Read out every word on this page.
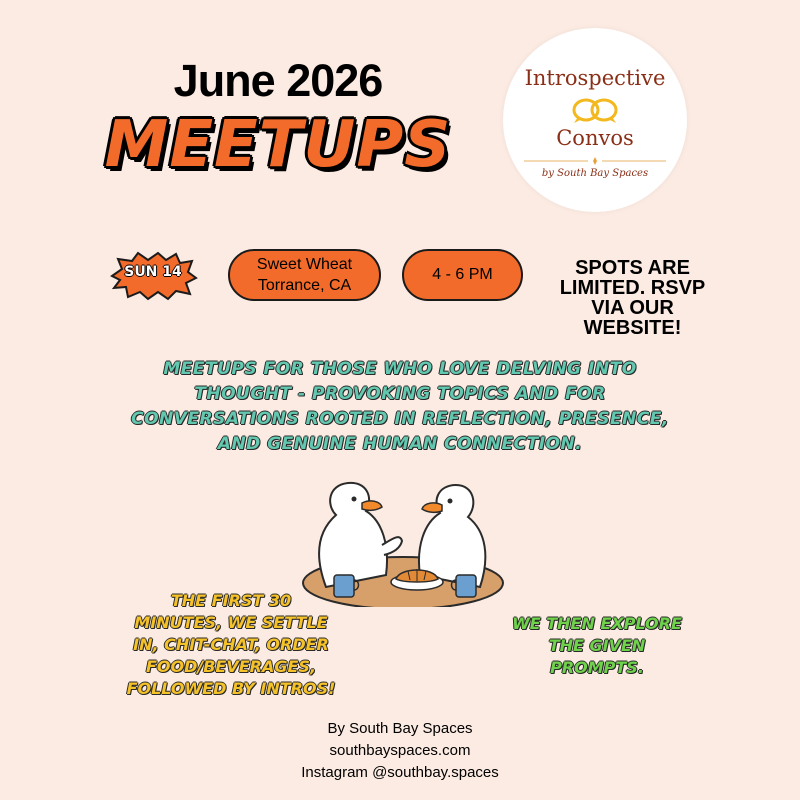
June 2026
MEETUPS
Introspective
Convos
by South Bay Spaces
SUN 14	Sweet Wheat
Torrance, CA
4 - 6 PM	SPOTS ARE
LIMITED. RSVP
VIA OUR
WEBSITE!
MEETUPS FOR THOSE WHO LOVE DELVING INTO
THOUGHT - PROVOKING TOPICS AND FOR
CONVERSATIONS ROOTED IN REFLECTION, PRESENCE,
AND GENUINE HUMAN CONNECTION.
THE FIRST 30
MINUTES, WE SETTLE
IN, CHIT-CHAT, ORDER
FOOD/BEVERAGES,
FOLLOWED BY INTROS!
WE THEN EXPLORE
THE GIVEN
PROMPTS.
By South Bay Spaces
southbayspaces.com
Instagram @southbay.spaces
